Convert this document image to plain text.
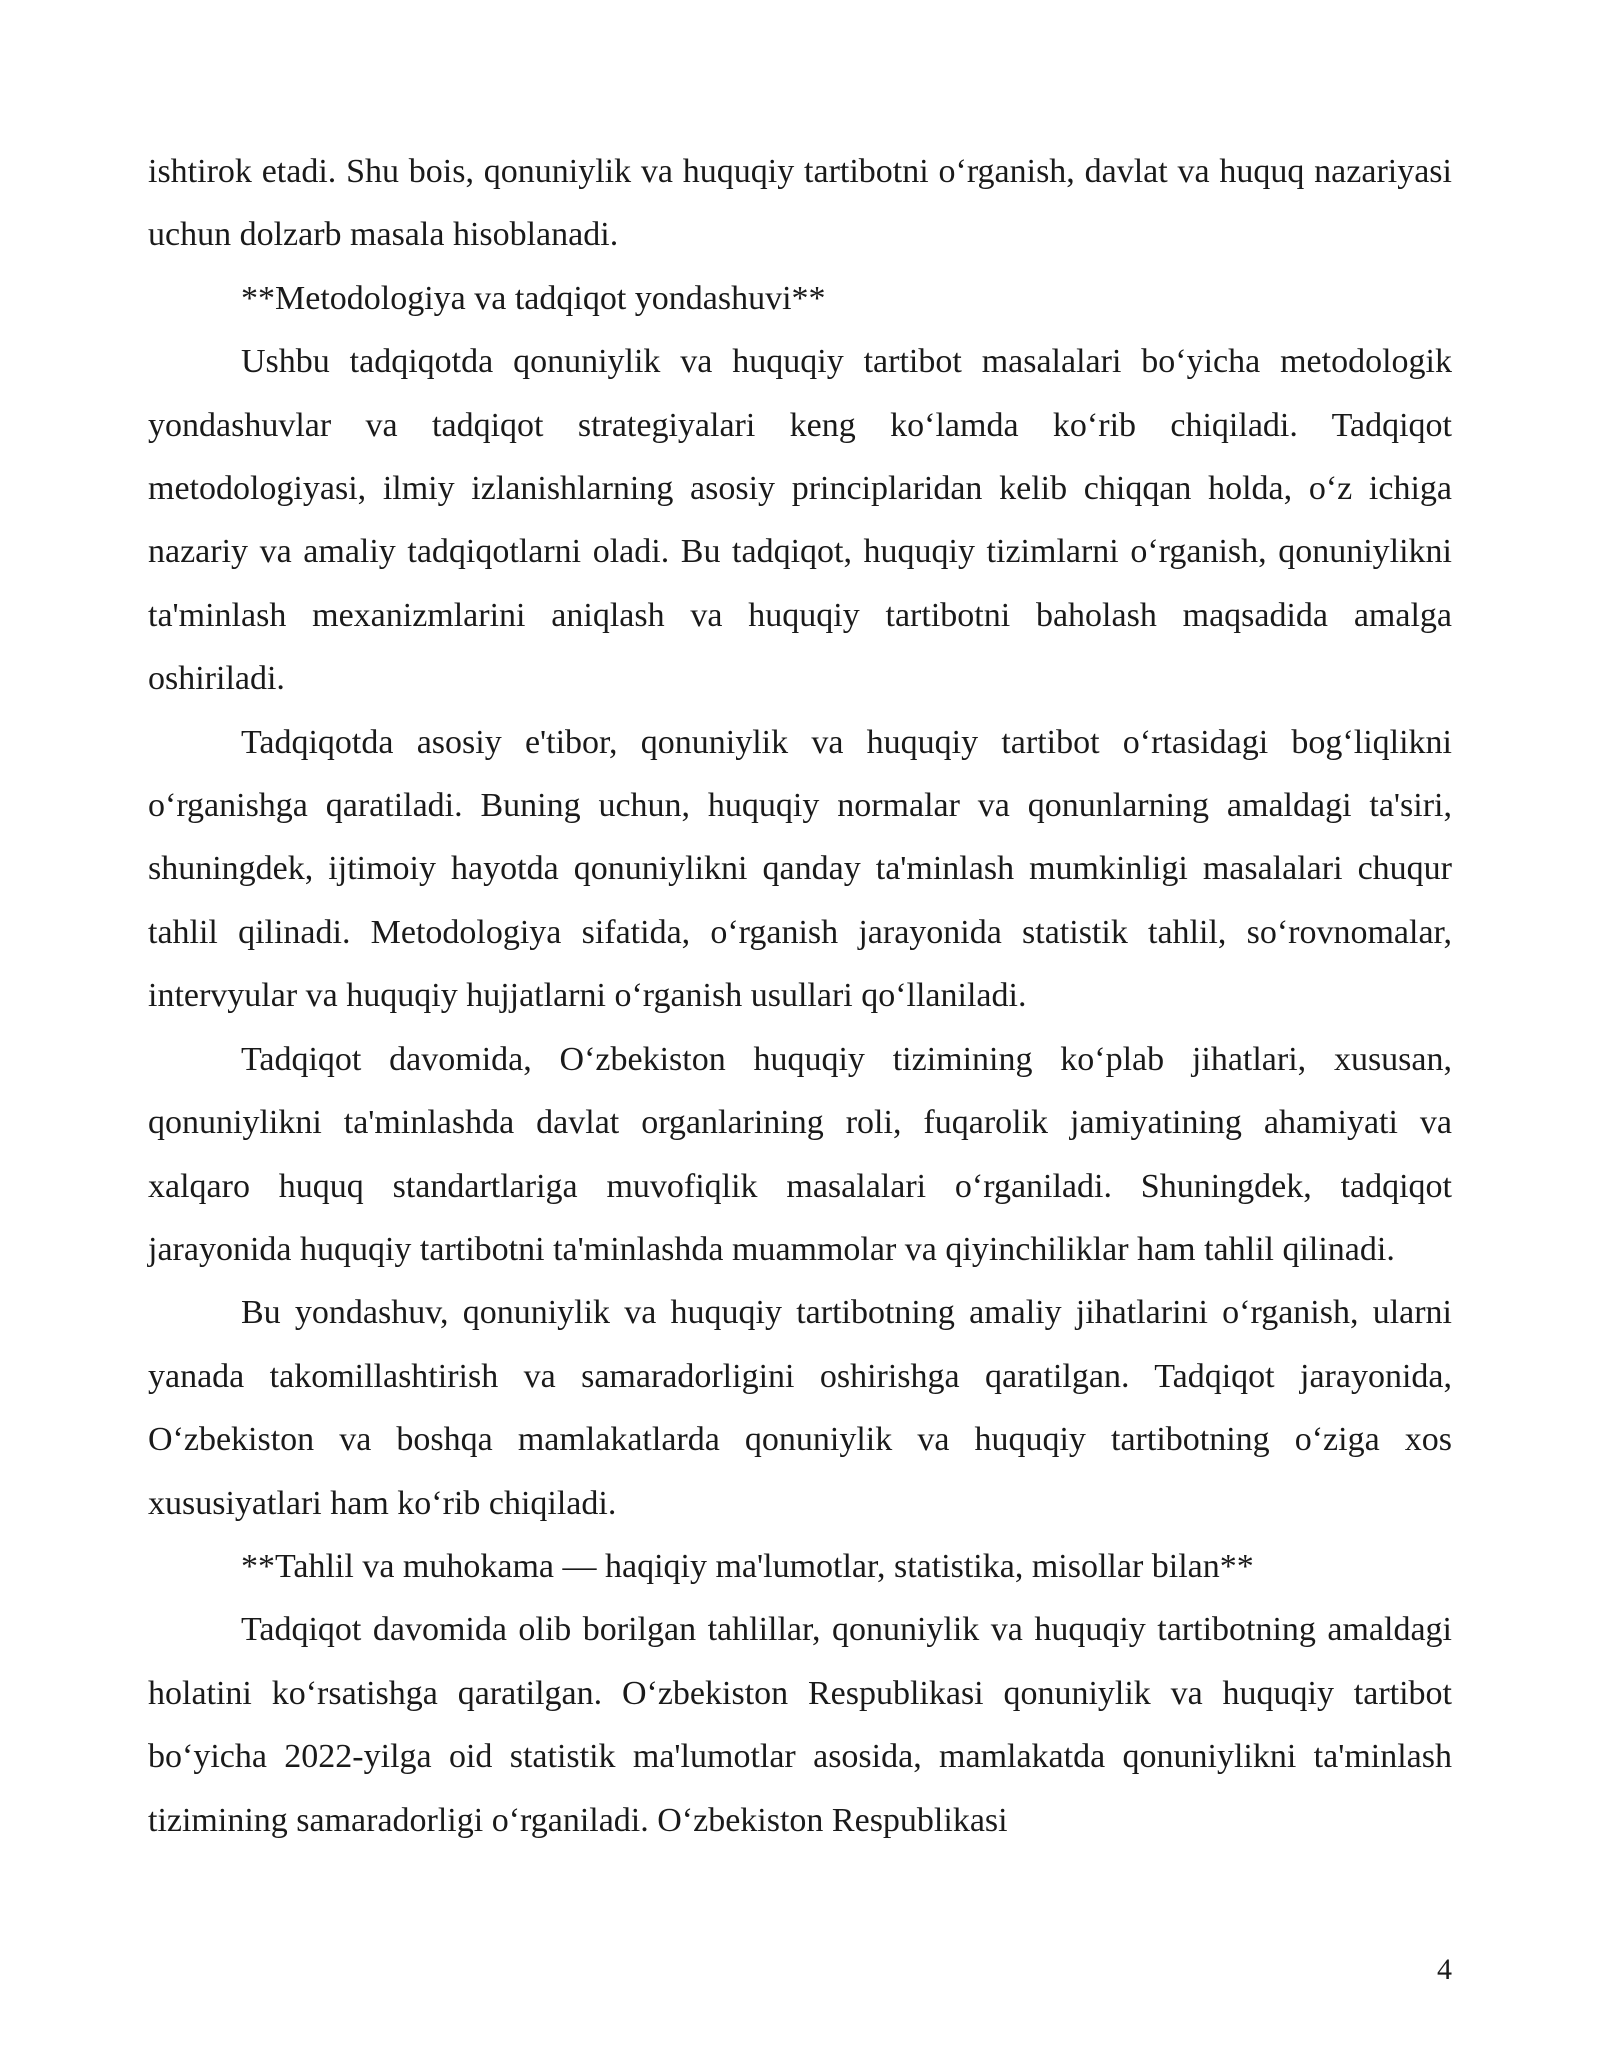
ishtirok etadi. Shu bois, qonuniylik va huquqiy tartibotni o‘rganish, davlat va huquq nazariyasi uchun dolzarb masala hisoblanadi.

**Metodologiya va tadqiqot yondashuvi**

Ushbu tadqiqotda qonuniylik va huquqiy tartibot masalalari bo‘yicha metodologik yondashuvlar va tadqiqot strategiyalari keng ko‘lamda ko‘rib chiqiladi. Tadqiqot metodologiyasi, ilmiy izlanishlarning asosiy principlaridan kelib chiqqan holda, o‘z ichiga nazariy va amaliy tadqiqotlarni oladi. Bu tadqiqot, huquqiy tizimlarni o‘rganish, qonuniylikni ta'minlash mexanizmlarini aniqlash va huquqiy tartibotni baholash maqsadida amalga oshiriladi.

Tadqiqotda asosiy e'tibor, qonuniylik va huquqiy tartibot o‘rtasidagi bog‘liqlikni o‘rganishga qaratiladi. Buning uchun, huquqiy normalar va qonunlarning amaldagi ta'siri, shuningdek, ijtimoiy hayotda qonuniylikni qanday ta'minlash mumkinligi masalalari chuqur tahlil qilinadi. Metodologiya sifatida, o‘rganish jarayonida statistik tahlil, so‘rovnomalar, intervyular va huquqiy hujjatlarni o‘rganish usullari qo‘llaniladi.

Tadqiqot davomida, O‘zbekiston huquqiy tizimining ko‘plab jihatlari, xususan, qonuniylikni ta'minlashda davlat organlarining roli, fuqarolik jamiyatining ahamiyati va xalqaro huquq standartlariga muvofiqlik masalalari o‘rganiladi. Shuningdek, tadqiqot jarayonida huquqiy tartibotni ta'minlashda muammolar va qiyinchiliklar ham tahlil qilinadi.

Bu yondashuv, qonuniylik va huquqiy tartibotning amaliy jihatlarini o‘rganish, ularni yanada takomillashtirish va samaradorligini oshirishga qaratilgan. Tadqiqot jarayonida, O‘zbekiston va boshqa mamlakatlarda qonuniylik va huquqiy tartibotning o‘ziga xos xususiyatlari ham ko‘rib chiqiladi.

**Tahlil va muhokama — haqiqiy ma'lumotlar, statistika, misollar bilan**

Tadqiqot davomida olib borilgan tahlillar, qonuniylik va huquqiy tartibotning amaldagi holatini ko‘rsatishga qaratilgan. O‘zbekiston Respublikasi qonuniylik va huquqiy tartibot bo‘yicha 2022-yilga oid statistik ma'lumotlar asosida, mamlakatda qonuniylikni ta'minlash tizimining samaradorligi o‘rganiladi. O‘zbekiston Respublikasi

4
